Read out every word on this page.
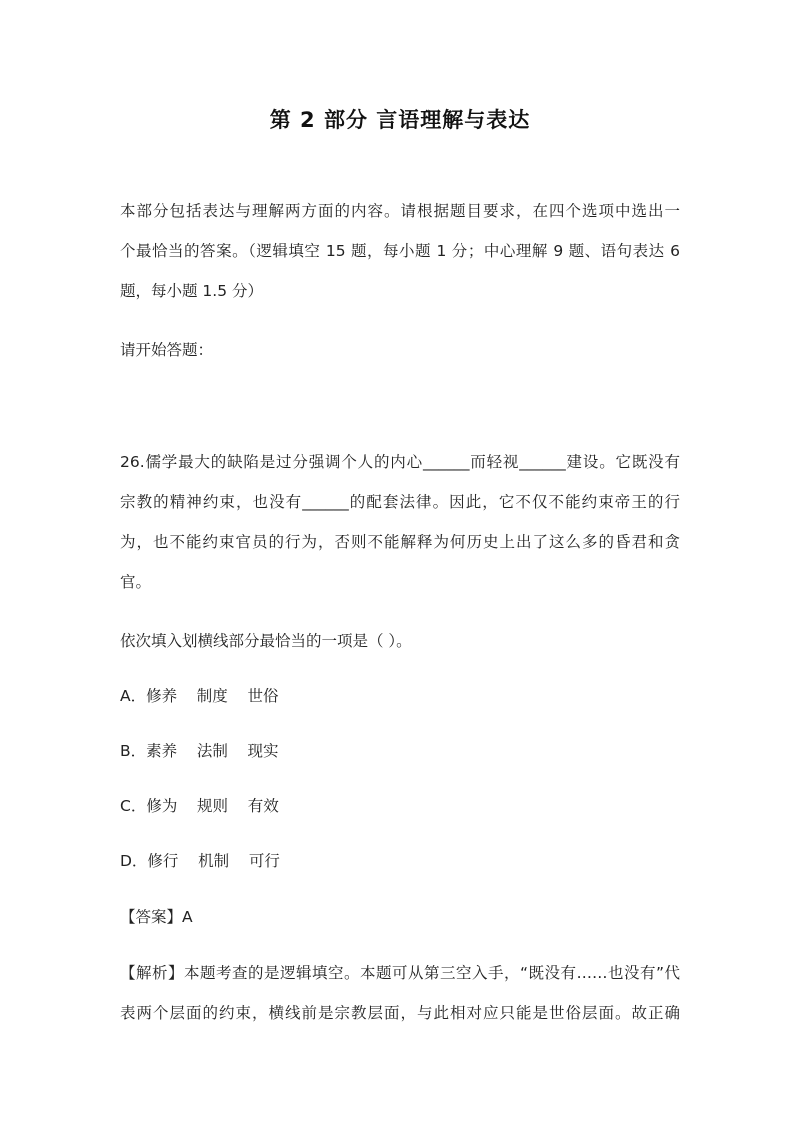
第 2 部分 言语理解与表达
本部分包括表达与理解两方面的内容。请根据题目要求，在四个选项中选出一
个最恰当的答案。（逻辑填空 15 题，每小题 1 分；中心理解 9 题、语句表达 6
题，每小题 1.5 分）
请开始答题：
26.儒学最大的缺陷是过分强调个人的内心______而轻视______建设。它既没有
宗教的精神约束，也没有______的配套法律。因此，它不仅不能约束帝王的行
为，也不能约束官员的行为，否则不能解释为何历史上出了这么多的昏君和贪
官。
依次填入划横线部分最恰当的一项是（ ）。
A．修养    制度    世俗
B．素养    法制    现实
C．修为    规则    有效
D．修行    机制    可行
【答案】A
【解析】本题考查的是逻辑填空。本题可从第三空入手，“既没有……也没有”代
表两个层面的约束，横线前是宗教层面，与此相对应只能是世俗层面。故正确
